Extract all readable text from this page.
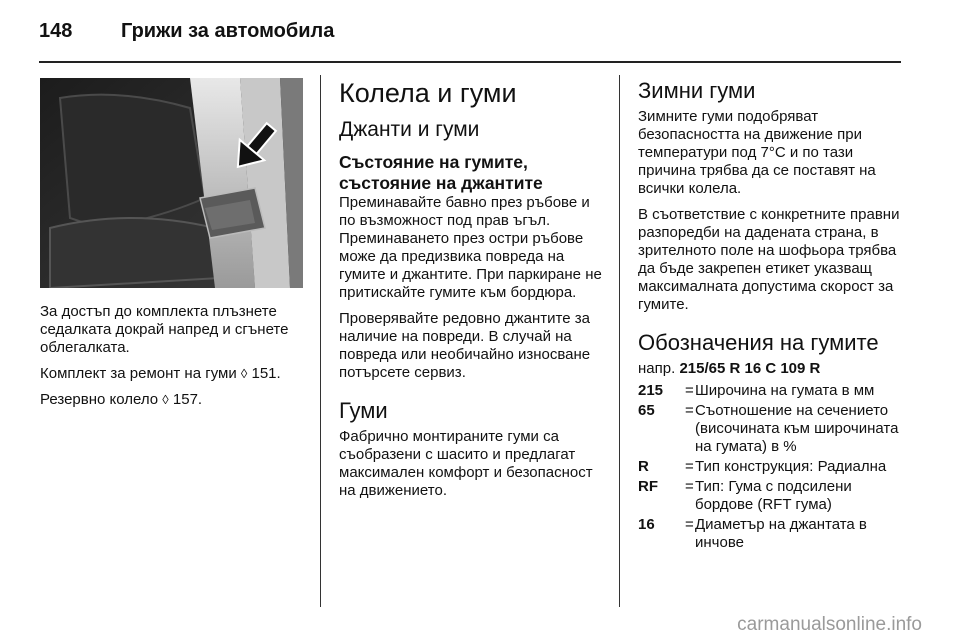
148 Грижи за автомобила

За достъп до комплекта плъзнете седалката докрай напред и сгънете облегалката.

Комплект за ремонт на гуми ◊ 151.

Резервно колело ◊ 157.

Колела и гуми
Джанти и гуми
Състояние на гумите, състояние на джантите

Преминавайте бавно през ръбове и по възможност под прав ъгъл. Преминаването през остри ръбове може да предизвика повреда на гумите и джантите. При паркиране не притискайте гумите към бордюра.

Проверявайте редовно джантите за наличие на повреди. В случай на повреда или необичайно износване потърсете сервиз.

Гуми

Фабрично монтираните гуми са съобразени с шасито и предлагат максимален комфорт и безопасност на движението.

Зимни гуми

Зимните гуми подобряват безопасността на движение при температури под 7°C и по тази причина трябва да се поставят на всички колела.

В съответствие с конкретните правни разпоредби на дадената страна, в зрителното поле на шофьора трябва да бъде закрепен етикет указващ максималната допустима скорост за гумите.

Обозначения на гумите

напр. 215/65 R 16 C 109 R

215	= Широчина на гумата в мм
65	= Съотношение на сечението (височината към широчината на гумата) в %
R	= Тип конструкция: Радиална
RF	= Тип: Гума с подсилени бордове (RFT гума)
16	= Диаметър на джантата в инчове
carmanualsonline.info
